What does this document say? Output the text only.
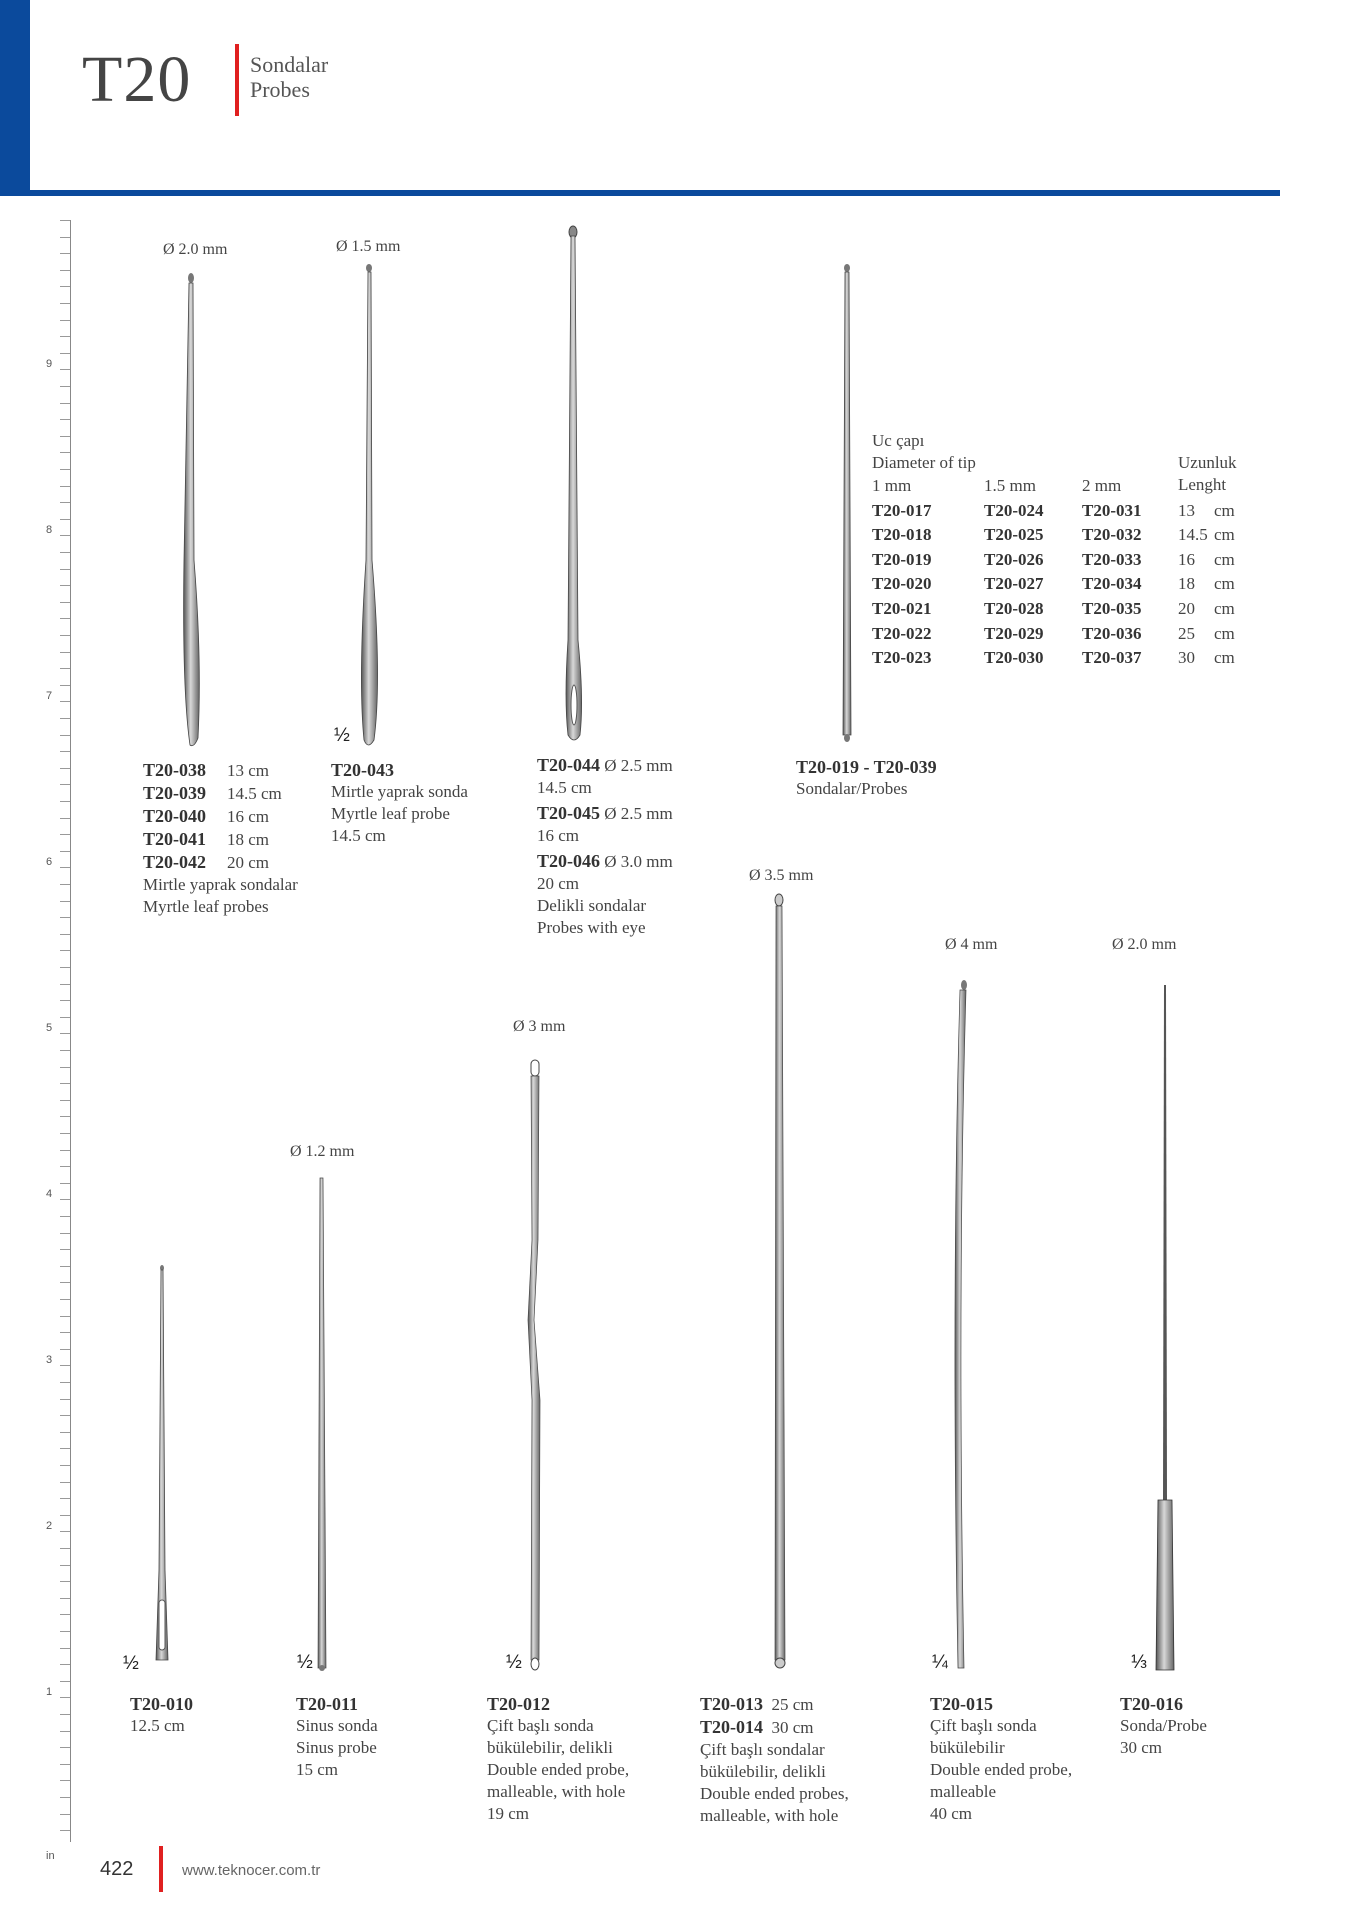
T20	Sondalar
Probes
9
8
7
6
5
4
3
2
1
in
Ø 2.0 mm	Ø 1.5 mm
T20-038 13 cm
T20-039 14.5 cm
T20-040 16 cm
T20-041 18 cm
T20-042 20 cm
Mirtle yaprak sondalar
Myrtle leaf probes
½
T20-043
Mirtle yaprak sonda
Myrtle leaf probe
14.5 cm
T20-044 Ø 2.5 mm
14.5 cm
T20-045 Ø 2.5 mm
16 cm
T20-046 Ø 3.0 mm
20 cm
Delikli sondalar
Probes with eye
T20-019 - T20-039
Sondalar/Probes
Uc çapı
Diameter of tip	Uzunluk
Lenght
1 mm	1.5 mm	2 mm		
T20-017	T20-024	T20-031	13	cm
T20-018	T20-025	T20-032	14.5	cm
T20-019	T20-026	T20-033	16	cm
T20-020	T20-027	T20-034	18	cm
T20-021	T20-028	T20-035	20	cm
T20-022	T20-029	T20-036	25	cm
T20-023	T20-030	T20-037	30	cm
Ø 1.2 mm
Ø 3 mm
Ø 3.5 mm
Ø 4 mm	Ø 2.0 mm
½	½	½	¼	⅓
T20-010
12.5 cm
T20-011
Sinus sonda
Sinus probe
15 cm
T20-012
Çift başlı sonda
bükülebilir, delikli
Double ended probe,
malleable, with hole
19 cm
T20-013 25 cm
T20-014 30 cm
Çift başlı sondalar
bükülebilir, delikli
Double ended probes,
malleable, with hole
T20-015
Çift başlı sonda
bükülebilir
Double ended probe,
malleable
40 cm
T20-016
Sonda/Probe
30 cm
422	www.teknocer.com.tr
